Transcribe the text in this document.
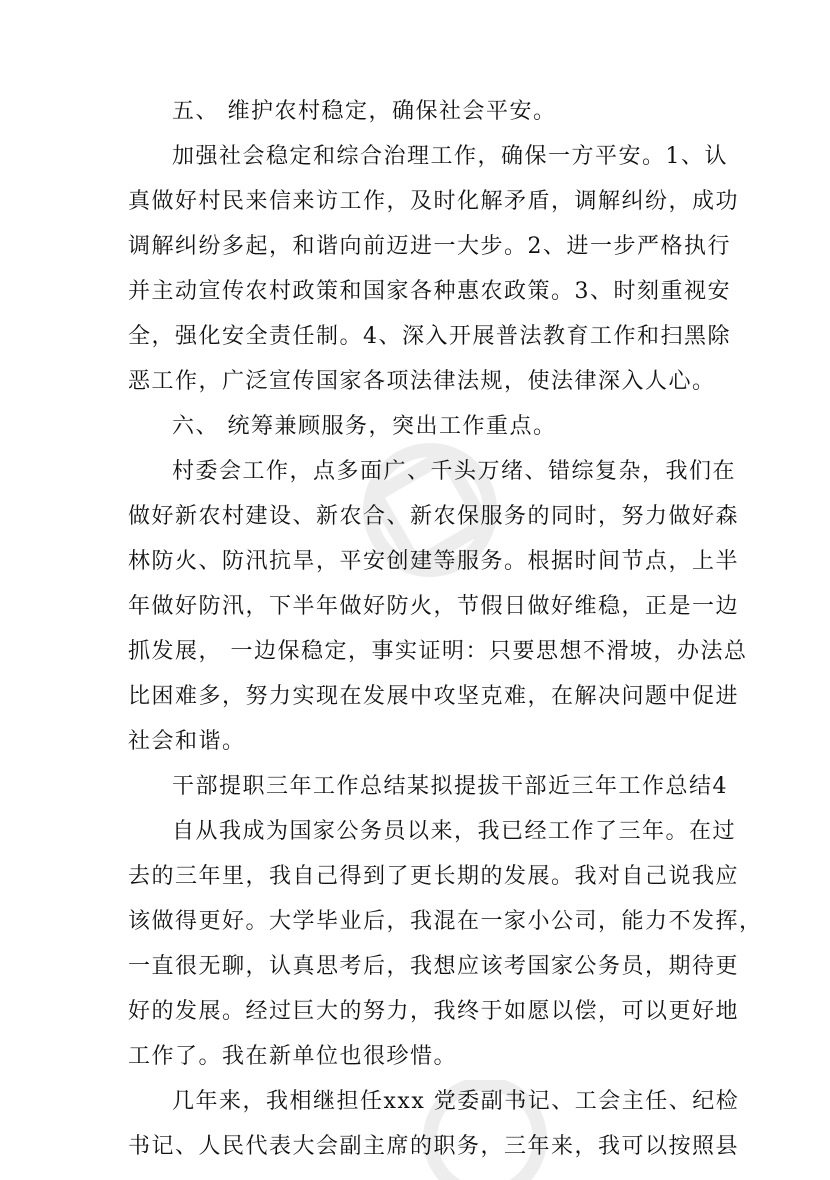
五、 维护农村稳定，确保社会平安。
加强社会稳定和综合治理工作，确保一方平安。1、认
真做好村民来信来访工作，及时化解矛盾，调解纠纷，成功
调解纠纷多起，和谐向前迈进一大步。2、进一步严格执行
并主动宣传农村政策和国家各种惠农政策。3、时刻重视安
全，强化安全责任制。4、深入开展普法教育工作和扫黑除
恶工作，广泛宣传国家各项法律法规，使法律深入人心。
六、 统筹兼顾服务，突出工作重点。
村委会工作，点多面广、千头万绪、错综复杂，我们在
做好新农村建设、新农合、新农保服务的同时，努力做好森
林防火、防汛抗旱，平安创建等服务。根据时间节点，上半
年做好防汛，下半年做好防火，节假日做好维稳，正是一边
抓发展， 一边保稳定，事实证明：只要思想不滑坡，办法总
比困难多，努力实现在发展中攻坚克难，在解决问题中促进
社会和谐。
干部提职三年工作总结某拟提拔干部近三年工作总结4
自从我成为国家公务员以来，我已经工作了三年。在过
去的三年里，我自己得到了更长期的发展。我对自己说我应
该做得更好。大学毕业后，我混在一家小公司，能力不发挥，
一直很无聊，认真思考后，我想应该考国家公务员，期待更
好的发展。经过巨大的努力，我终于如愿以偿，可以更好地
工作了。我在新单位也很珍惜。
几年来，我相继担任xxx 党委副书记、工会主任、纪检
书记、人民代表大会副主席的职务，三年来，我可以按照县
